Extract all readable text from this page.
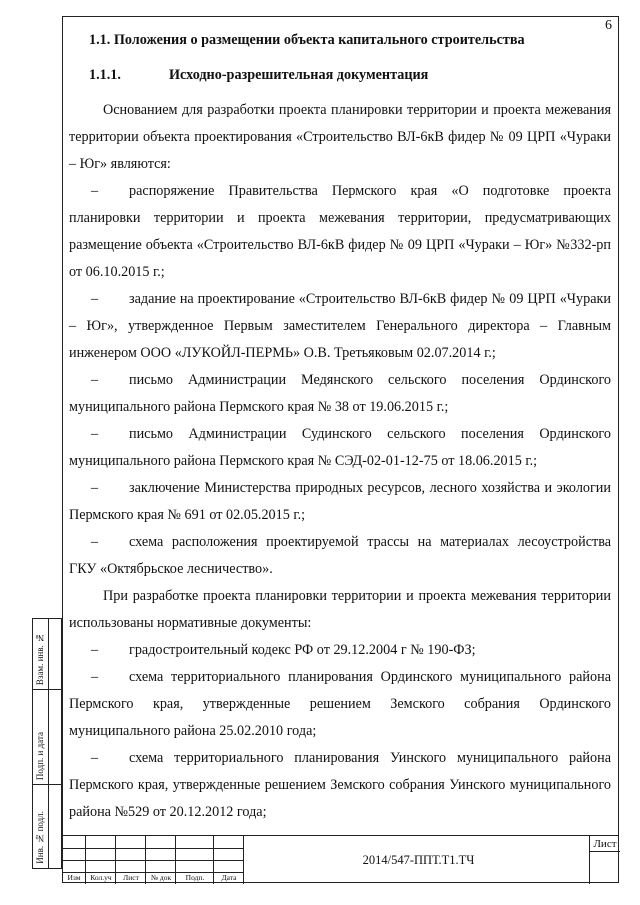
6

1.1. Положения о размещении объекта капитального строительства

1.1.1.	Исходно-разрешительная документация

Основанием для разработки проекта планировки территории и проекта межевания территории объекта проектирования «Строительство ВЛ-6кВ фидер № 09 ЦРП «Чураки – Юг» являются:

– распоряжение Правительства Пермского края «О подготовке проекта планировки территории и проекта межевания территории, предусматривающих размещение объекта «Строительство ВЛ-6кВ фидер № 09 ЦРП «Чураки – Юг» №332-рп от 06.10.2015 г.;

– задание на проектирование «Строительство ВЛ-6кВ фидер № 09 ЦРП «Чураки – Юг», утвержденное Первым заместителем Генерального директора – Главным инженером ООО «ЛУКОЙЛ-ПЕРМЬ» О.В. Третьяковым 02.07.2014 г.;

– письмо Администрации Медянского сельского поселения Ординского муниципального района Пермского края № 38 от 19.06.2015 г.;

– письмо Администрации Судинского сельского поселения Ординского муниципального района Пермского края № СЭД-02-01-12-75 от 18.06.2015 г.;

– заключение Министерства природных ресурсов, лесного хозяйства и экологии Пермского края № 691 от 02.05.2015 г.;

– схема расположения проектируемой трассы на материалах лесоустройства ГКУ «Октябрьское лесничество».

При разработке проекта планировки территории и проекта межевания территории использованы нормативные документы:

– градостроительный кодекс РФ от 29.12.2004 г № 190-ФЗ;

– схема территориального планирования Ординского муниципального района Пермского края, утвержденные решением Земского собрания Ординского муниципального района 25.02.2010 года;

– схема территориального планирования Уинского муниципального района Пермского края, утвержденные решением Земского собрания Уинского муниципального района №529 от 20.12.2012 года;

Взам. инв. №
Подп. и дата
Инв. № подл.
Изм	Кол.уч	Лист	№ док	Подп.	Дата
2014/547-ППТ.Т1.ТЧ
Лист
